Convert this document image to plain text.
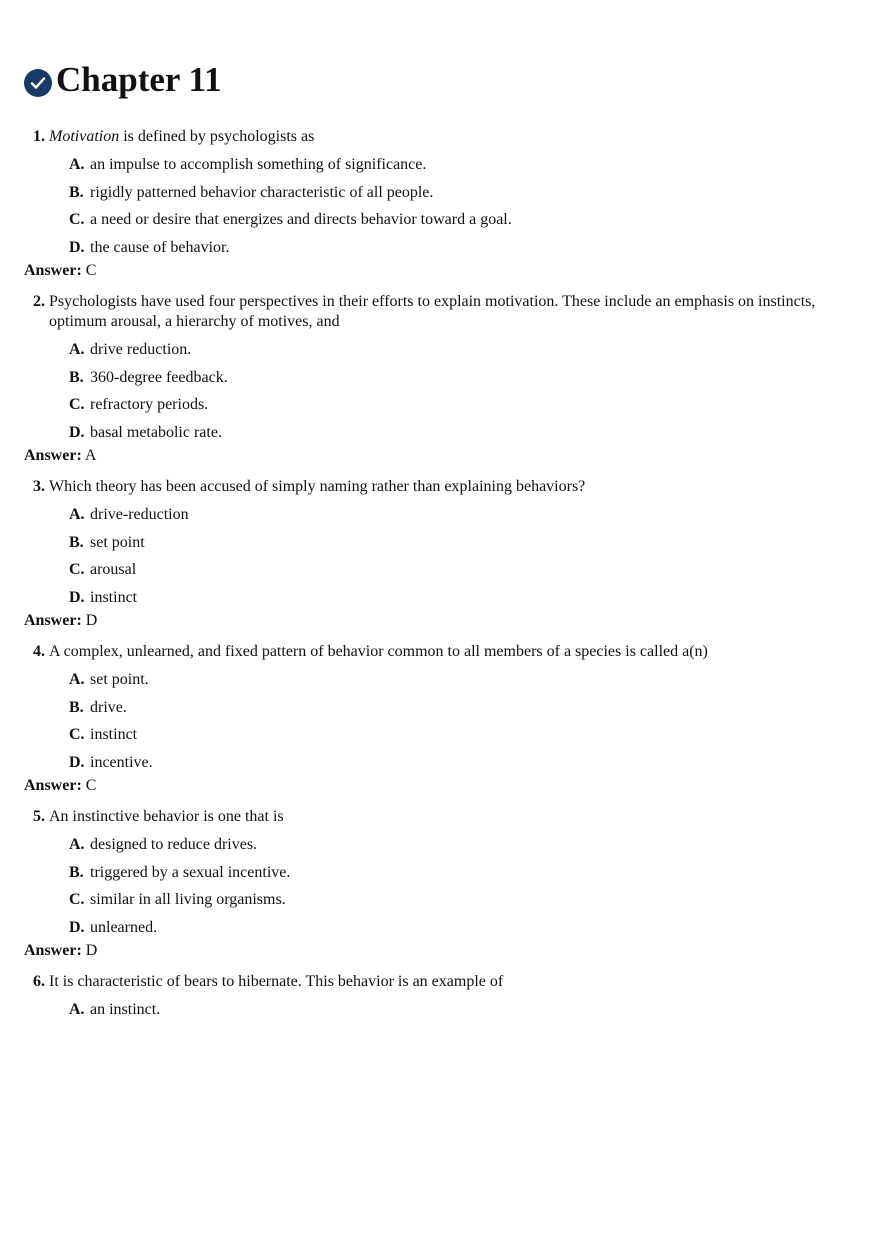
Chapter 11
1. Motivation is defined by psychologists as
A. an impulse to accomplish something of significance.
B. rigidly patterned behavior characteristic of all people.
C. a need or desire that energizes and directs behavior toward a goal.
D. the cause of behavior.
Answer: C
2. Psychologists have used four perspectives in their efforts to explain motivation. These include an emphasis on instincts, optimum arousal, a hierarchy of motives, and
A. drive reduction.
B. 360-degree feedback.
C. refractory periods.
D. basal metabolic rate.
Answer: A
3. Which theory has been accused of simply naming rather than explaining behaviors?
A. drive-reduction
B. set point
C. arousal
D. instinct
Answer: D
4. A complex, unlearned, and fixed pattern of behavior common to all members of a species is called a(n)
A. set point.
B. drive.
C. instinct
D. incentive.
Answer: C
5. An instinctive behavior is one that is
A. designed to reduce drives.
B. triggered by a sexual incentive.
C. similar in all living organisms.
D. unlearned.
Answer: D
6. It is characteristic of bears to hibernate. This behavior is an example of
A. an instinct.
